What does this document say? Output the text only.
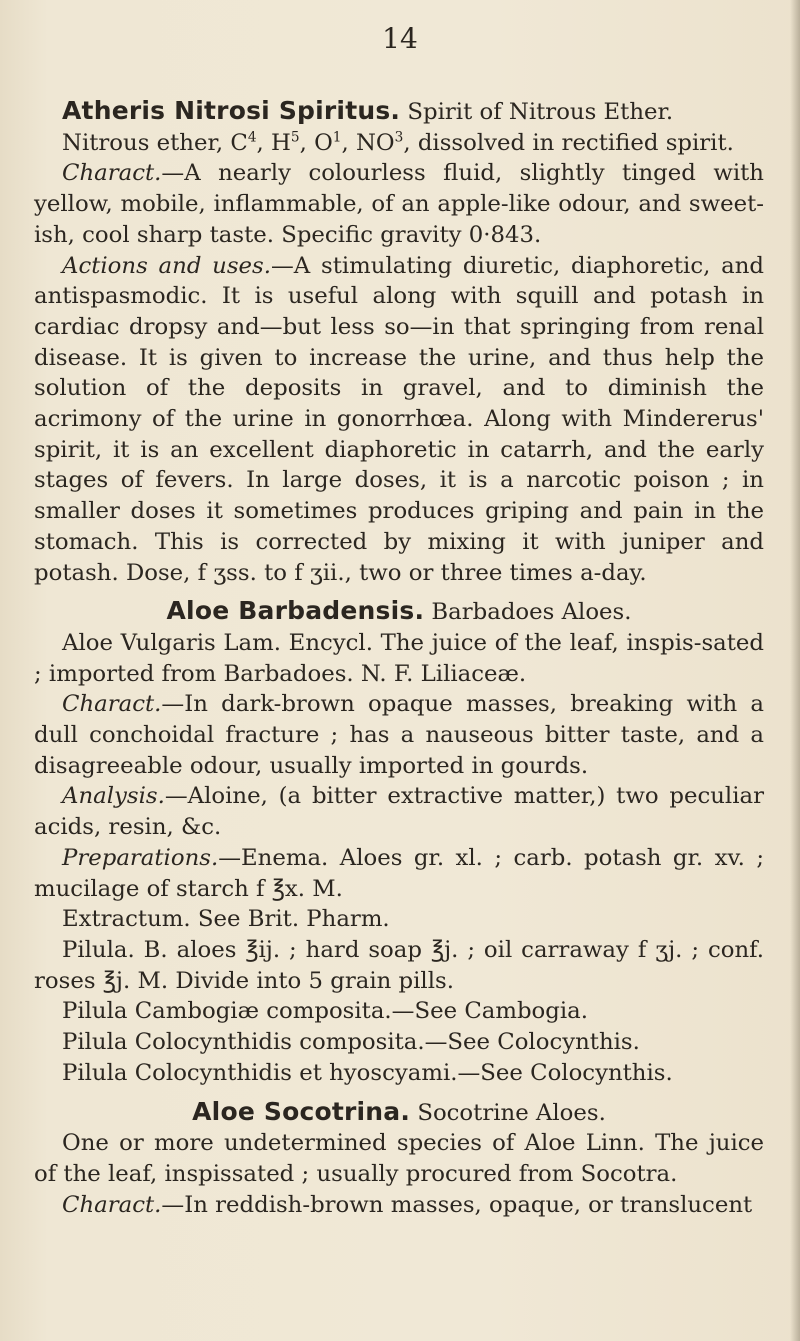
14

Atheris Nitrosi Spiritus. Spirit of Nitrous Ether.

Nitrous ether, $C^4$, $H^5$, $O^1$, $NO^3$, dissolved in rectified spirit.

Charact.—A nearly colourless fluid, slightly tinged with yellow, mobile, inflammable, of an apple-like odour, and sweet-ish, cool sharp taste. Specific gravity 0·843.

Actions and uses.—A stimulating diuretic, diaphoretic, and antispasmodic. It is useful along with squill and potash in cardiac dropsy and—but less so—in that springing from renal disease. It is given to increase the urine, and thus help the solution of the deposits in gravel, and to diminish the acrimony of the urine in gonorrhœa. Along with Mindererus' spirit, it is an excellent diaphoretic in catarrh, and the early stages of fevers. In large doses, it is a narcotic poison ; in smaller doses it sometimes produces griping and pain in the stomach. This is corrected by mixing it with juniper and potash. Dose, f ʒss. to f ʒii., two or three times a-day.

Aloe Barbadensis. Barbadoes Aloes.

Aloe Vulgaris Lam. Encycl. The juice of the leaf, inspis-sated ; imported from Barbadoes. N. F. Liliaceæ.

Charact.—In dark-brown opaque masses, breaking with a dull conchoidal fracture ; has a nauseous bitter taste, and a disagreeable odour, usually imported in gourds.

Analysis.—Aloine, (a bitter extractive matter,) two peculiar acids, resin, &c.

Preparations.—Enema. Aloes gr. xl. ; carb. potash gr. xv. ; mucilage of starch f ℥x. M.

Extractum. See Brit. Pharm.

Pilula. B. aloes ℥ij. ; hard soap ℥j. ; oil carraway f ʒj. ; conf. roses ℥j. M. Divide into 5 grain pills.

Pilula Cambogiæ composita.—See Cambogia.

Pilula Colocynthidis composita.—See Colocynthis.

Pilula Colocynthidis et hyoscyami.—See Colocynthis.

Aloe Socotrina. Socotrine Aloes.

One or more undetermined species of Aloe Linn. The juice of the leaf, inspissated ; usually procured from Socotra.

Charact.—In reddish-brown masses, opaque, or translucent
